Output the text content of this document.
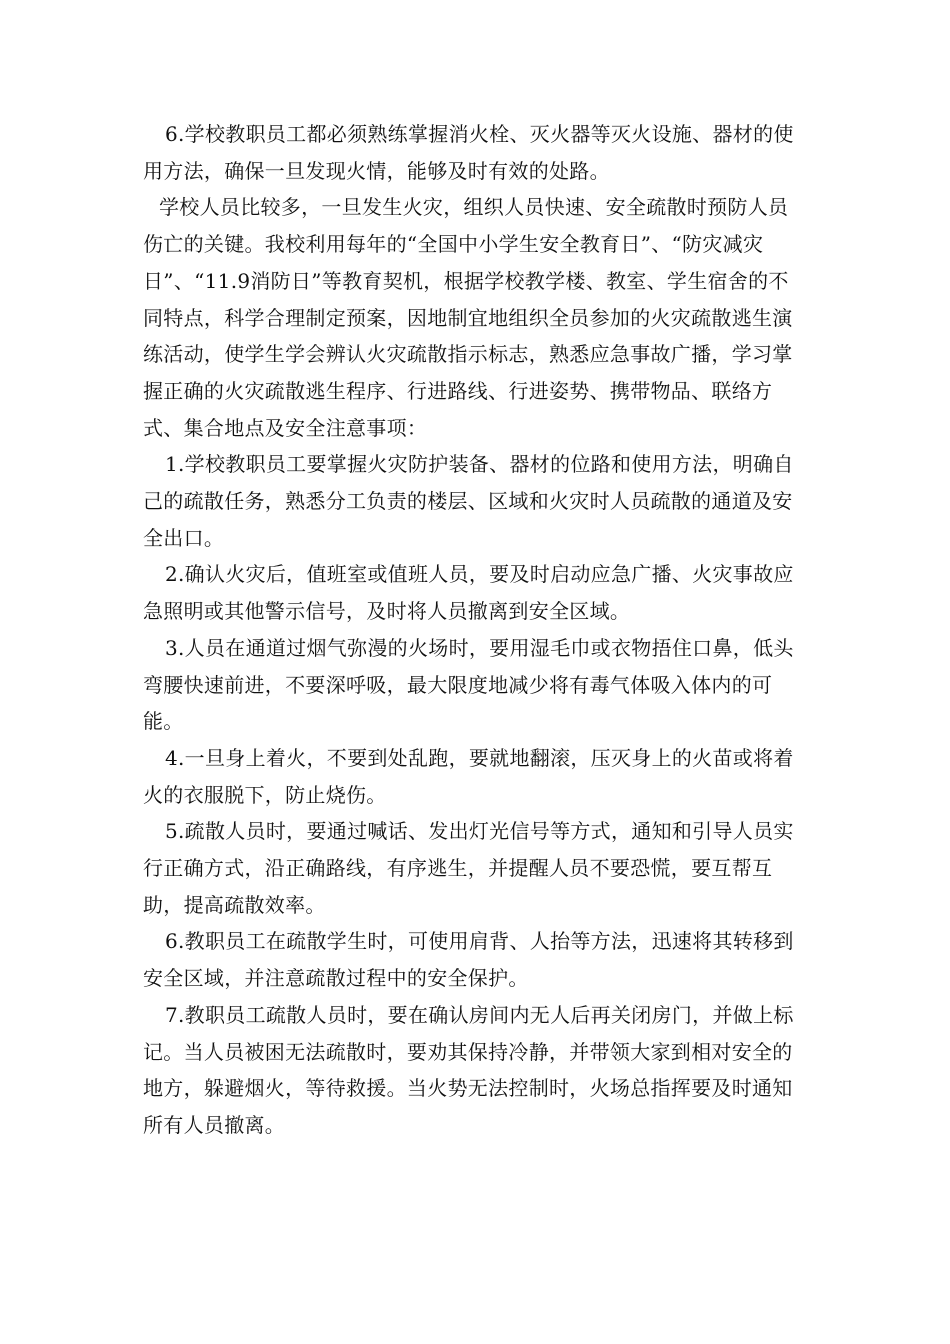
6.学校教职员工都必须熟练掌握消火栓、灭火器等灭火设施、器材的使用方法，确保一旦发现火情，能够及时有效的处路。

学校人员比较多，一旦发生火灾，组织人员快速、安全疏散时预防人员伤亡的关键。我校利用每年的“全国中小学生安全教育日”、“防灾减灾日”、“11.9消防日”等教育契机，根据学校教学楼、教室、学生宿舍的不同特点，科学合理制定预案，因地制宜地组织全员参加的火灾疏散逃生演练活动，使学生学会辨认火灾疏散指示标志，熟悉应急事故广播，学习掌握正确的火灾疏散逃生程序、行进路线、行进姿势、携带物品、联络方式、集合地点及安全注意事项：

1.学校教职员工要掌握火灾防护装备、器材的位路和使用方法，明确自己的疏散任务，熟悉分工负责的楼层、区域和火灾时人员疏散的通道及安全出口。

2.确认火灾后，值班室或值班人员，要及时启动应急广播、火灾事故应急照明或其他警示信号，及时将人员撤离到安全区域。

3.人员在通道过烟气弥漫的火场时，要用湿毛巾或衣物捂住口鼻，低头弯腰快速前进，不要深呼吸，最大限度地减少将有毒气体吸入体内的可能。

4.一旦身上着火，不要到处乱跑，要就地翻滚，压灭身上的火苗或将着火的衣服脱下，防止烧伤。

5.疏散人员时，要通过喊话、发出灯光信号等方式，通知和引导人员实行正确方式，沿正确路线，有序逃生，并提醒人员不要恐慌，要互帮互助，提高疏散效率。

6.教职员工在疏散学生时，可使用肩背、人抬等方法，迅速将其转移到安全区域，并注意疏散过程中的安全保护。

7.教职员工疏散人员时，要在确认房间内无人后再关闭房门，并做上标记。当人员被困无法疏散时，要劝其保持冷静，并带领大家到相对安全的地方，躲避烟火，等待救援。当火势无法控制时，火场总指挥要及时通知所有人员撤离。
